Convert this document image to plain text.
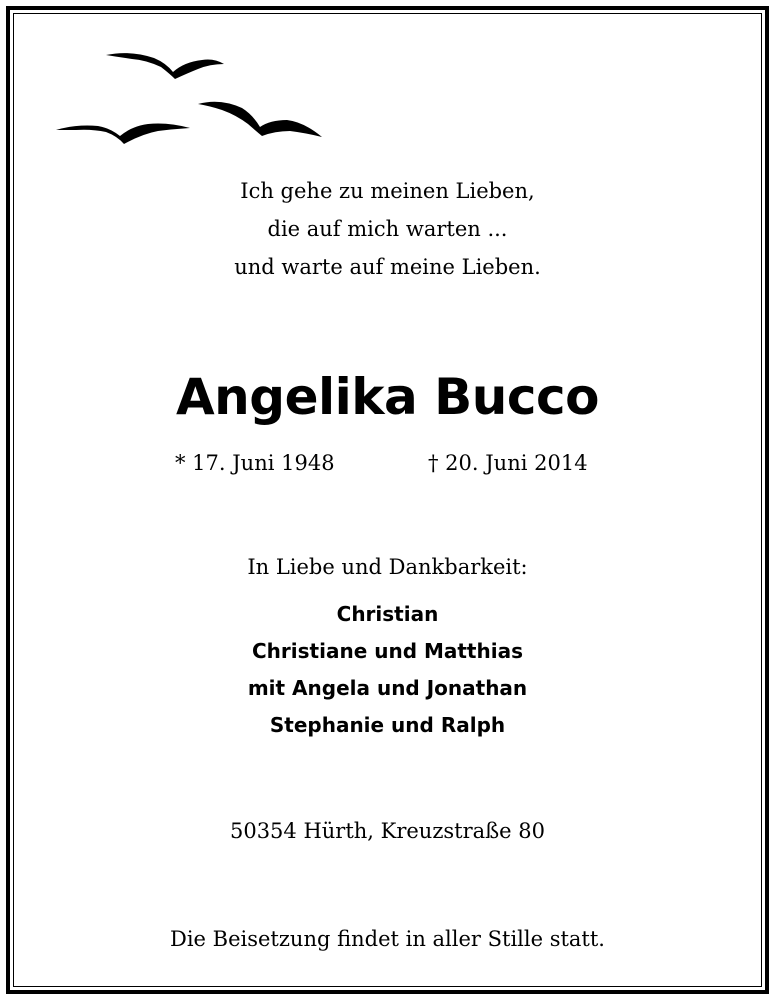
Ich gehe zu meinen Lieben,
die auf mich warten ...
und warte auf meine Lieben.
Angelika Bucco
* 17. Juni 1948	† 20. Juni 2014
In Liebe und Dankbarkeit:
Christian
Christiane und Matthias
mit Angela und Jonathan
Stephanie und Ralph
50354 Hürth, Kreuzstraße 80
Die Beisetzung findet in aller Stille statt.
